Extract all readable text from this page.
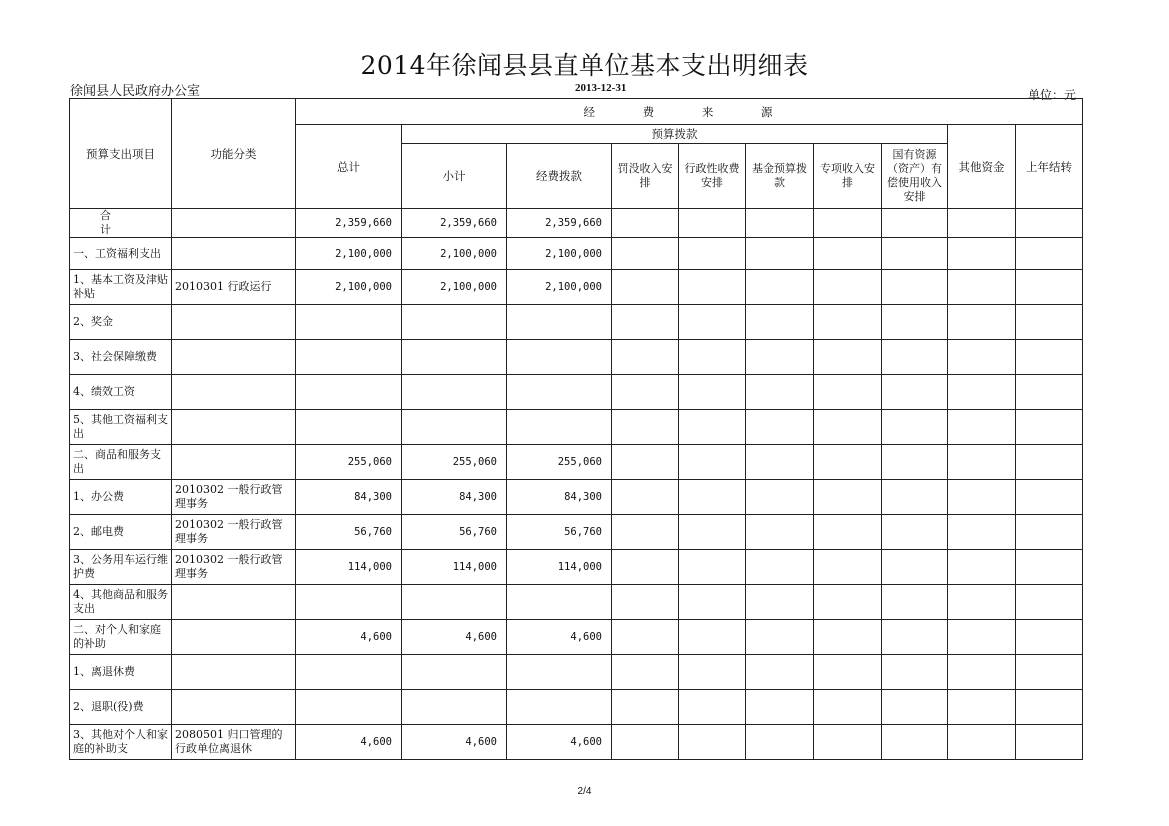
2014年徐闻县县直单位基本支出明细表
徐闻县人民政府办公室	2013-12-31	单位：元
预算支出项目	功能分类	经 费 来 源									
		总计	预算拨款							其他资金	上年结转
			小计	经费拨款	罚没收入安排	行政性收费安排	基金预算拨款	专项收入安排	国有资源（资产）有偿使用收入安排		
合 计		2,359,660	2,359,660	2,359,660							
一、工资福利支出		2,100,000	2,100,000	2,100,000							
1、基本工资及津贴补贴	2010301 行政运行	2,100,000	2,100,000	2,100,000							
2、奖金											
3、社会保障缴费											
4、绩效工资											
5、其他工资福利支出											
二、商品和服务支出		255,060	255,060	255,060							
1、办公费	2010302 一般行政管理事务	84,300	84,300	84,300							
2、邮电费	2010302 一般行政管理事务	56,760	56,760	56,760							
3、公务用车运行维护费	2010302 一般行政管理事务	114,000	114,000	114,000							
4、其他商品和服务支出											
二、对个人和家庭的补助		4,600	4,600	4,600							
1、离退休费											
2、退职(役)费											
3、其他对个人和家庭的补助支	2080501 归口管理的行政单位离退休	4,600	4,600	4,600							
2/4
